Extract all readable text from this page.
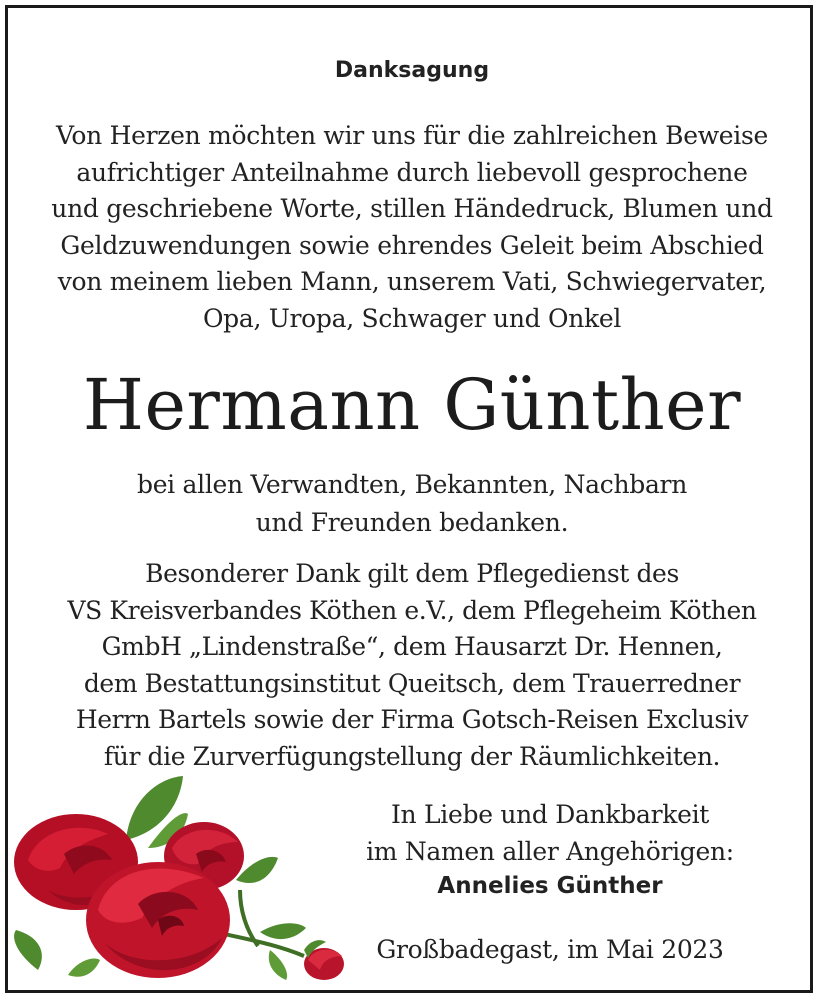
Danksagung
Von Herzen möchten wir uns für die zahlreichen Beweise
aufrichtiger Anteilnahme durch liebevoll gesprochene
und geschriebene Worte, stillen Händedruck, Blumen und
Geldzuwendungen sowie ehrendes Geleit beim Abschied
von meinem lieben Mann, unserem Vati, Schwiegervater,
Opa, Uropa, Schwager und Onkel
Hermann Günther
bei allen Verwandten, Bekannten, Nachbarn
und Freunden bedanken.
Besonderer Dank gilt dem Pflegedienst des
VS Kreisverbandes Köthen e.V., dem Pflegeheim Köthen
GmbH „Lindenstraße“, dem Hausarzt Dr. Hennen,
dem Bestattungsinstitut Queitsch, dem Trauerredner
Herrn Bartels sowie der Firma Gotsch-Reisen Exclusiv
für die Zurverfügungstellung der Räumlichkeiten.
In Liebe und Dankbarkeit
im Namen aller Angehörigen:
Annelies Günther
Großbadegast, im Mai 2023
